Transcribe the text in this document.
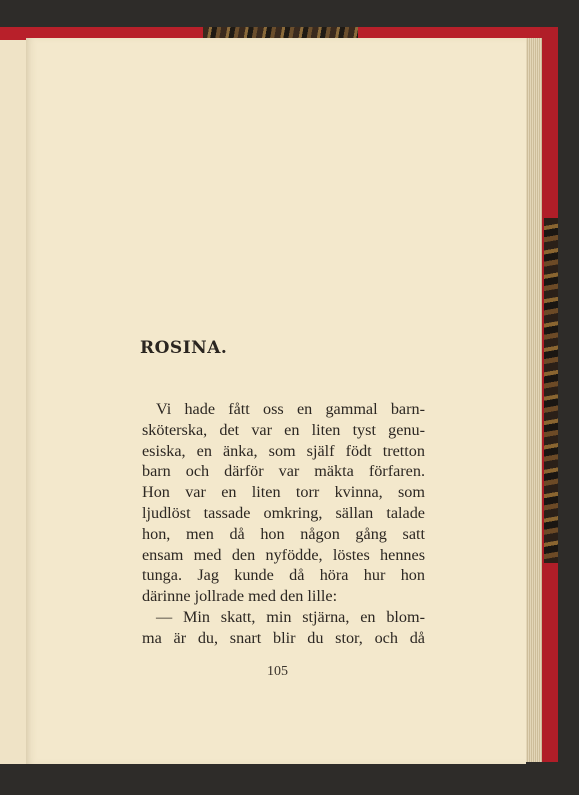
ROSINA.

Vi hade fått oss en gammal barn-
sköterska, det var en liten tyst genu-
esiska, en änka, som själf födt tretton
barn och därför var mäkta förfaren.
Hon var en liten torr kvinna, som
ljudlöst tassade omkring, sällan talade
hon, men då hon någon gång satt
ensam med den nyfödde, löstes hennes
tunga. Jag kunde då höra hur hon
därinne jollrade med den lille:
— Min skatt, min stjärna, en blom-
ma är du, snart blir du stor, och då

105
